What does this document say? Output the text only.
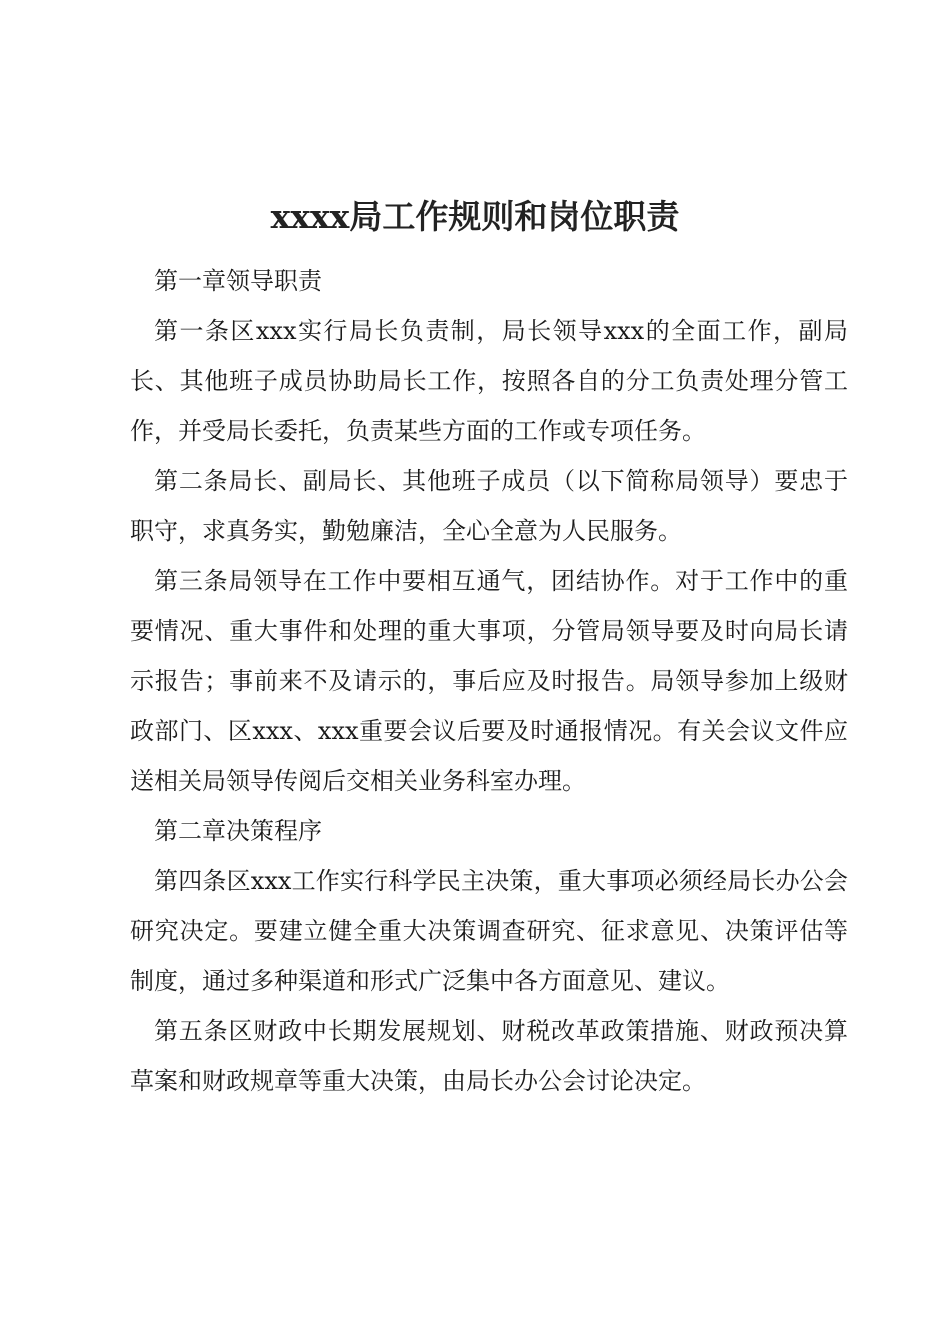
xxxx局工作规则和岗位职责

第一章领导职责

第一条区xxx实行局长负责制，局长领导xxx的全面工作，副局长、其他班子成员协助局长工作，按照各自的分工负责处理分管工作，并受局长委托，负责某些方面的工作或专项任务。

第二条局长、副局长、其他班子成员（以下简称局领导）要忠于职守，求真务实，勤勉廉洁，全心全意为人民服务。

第三条局领导在工作中要相互通气，团结协作。对于工作中的重要情况、重大事件和处理的重大事项，分管局领导要及时向局长请示报告；事前来不及请示的，事后应及时报告。局领导参加上级财政部门、区xxx、xxx重要会议后要及时通报情况。有关会议文件应送相关局领导传阅后交相关业务科室办理。

第二章决策程序

第四条区xxx工作实行科学民主决策，重大事项必须经局长办公会研究决定。要建立健全重大决策调查研究、征求意见、决策评估等制度，通过多种渠道和形式广泛集中各方面意见、建议。

第五条区财政中长期发展规划、财税改革政策措施、财政预决算草案和财政规章等重大决策，由局长办公会讨论决定。
